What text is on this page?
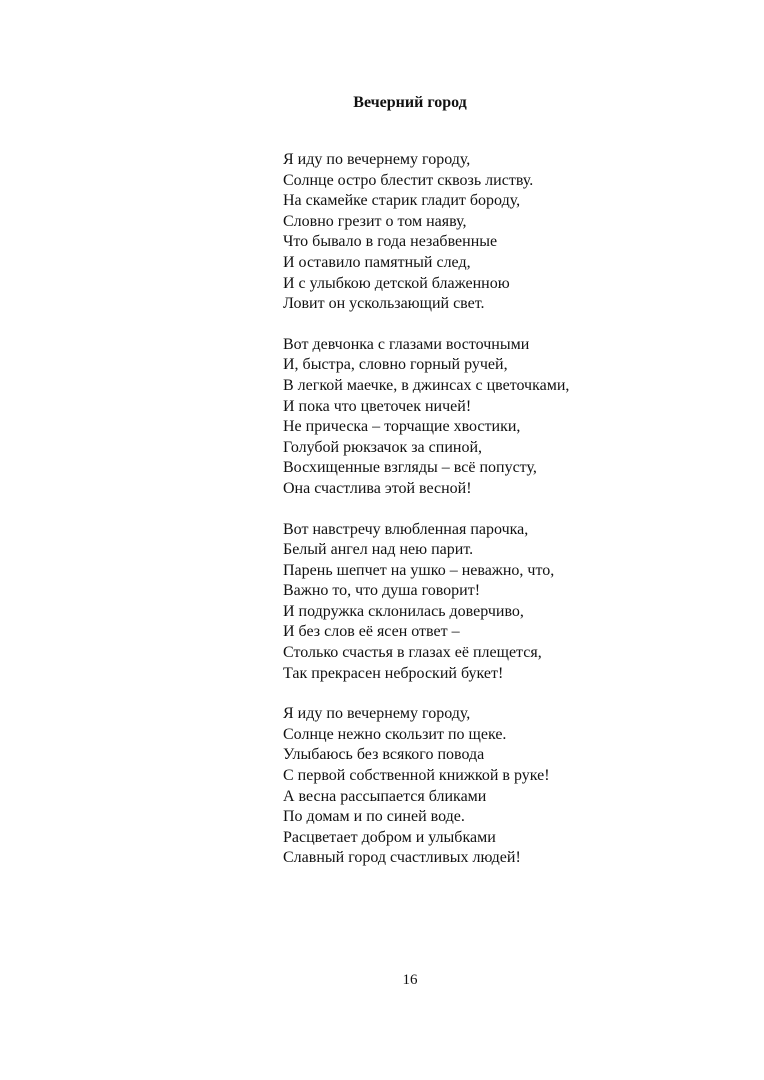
Вечерний город
Я иду по вечернему городу,
Солнце остро блестит сквозь листву.
На скамейке старик гладит бороду,
Словно грезит о том наяву,
Что бывало в года незабвенные
И оставило памятный след,
И с улыбкою детской блаженною
Ловит он ускользающий свет.
Вот девчонка с глазами восточными
И, быстра, словно горный ручей,
В легкой маечке, в джинсах с цветочками,
И пока что цветочек ничей!
Не прическа – торчащие хвостики,
Голубой рюкзачок за спиной,
Восхищенные взгляды – всё попусту,
Она счастлива этой весной!
Вот навстречу влюбленная парочка,
Белый ангел над нею парит.
Парень шепчет на ушко – неважно, что,
Важно то, что душа говорит!
И подружка склонилась доверчиво,
И без слов её ясен ответ –
Столько счастья в глазах её плещется,
Так прекрасен неброский букет!
Я иду по вечернему городу,
Солнце нежно скользит по щеке.
Улыбаюсь без всякого повода
С первой собственной книжкой в руке!
А весна рассыпается бликами
По домам и по синей воде.
Расцветает добром и улыбками
Славный город счастливых людей!

16
